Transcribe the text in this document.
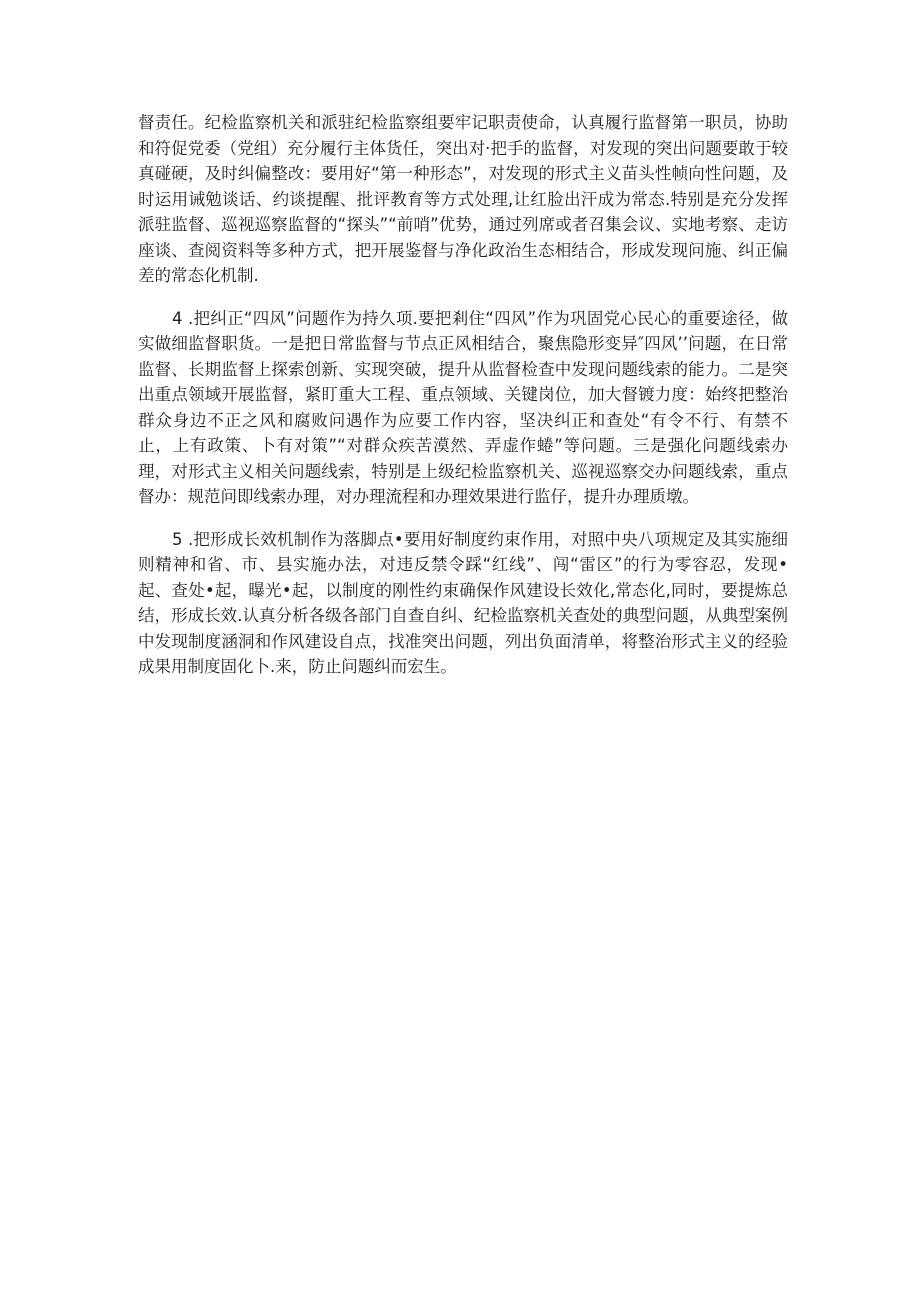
督责任。纪检监察机关和派驻纪检监察组要牢记职责使命，认真履行监督第一职员，协助和符促党委（党组）充分履行主体货任，突出对·把手的监督，对发现的突出问题要敢于较真碰硬，及时纠偏整改：要用好“第一种形态”，对发现的形式主义苗头性帧向性问题，及时运用诫勉谈话、约谈提醒、批评教育等方式处理,让红脸出汗成为常态.特别是充分发挥派驻监督、巡视巡察监督的“探头”“前哨”优势，通过列席或者召集会议、实地考察、走访座谈、查阅资料等多种方式，把开展鉴督与净化政治生态相结合，形成发现问施、纠正偏差的常态化机制.

4 .把纠正“四风”问题作为持久项.要把剎住“四风”作为巩固党心民心的重要途径，做实做细监督职货。一是把日常监督与节点正风相结合，聚焦隐形变异″四风’’问题，在日常监督、长期监督上探索创新、实现突破，提升从监督检查中发现问题线索的能力。二是突出重点领域开展监督，紧盯重大工程、重点领域、关键岗位，加大督镀力度：始终把整治群众身边不正之风和腐败问遇作为应要工作内容，坚决纠正和查处“有令不行、有禁不止，上有政策、卜有对策”“对群众疾苦漠然、弄虚作蜷”等问题。三是强化问题线索办理，对形式主义相关问题线索，特别是上级纪检监察机关、巡视巡察交办问题线索，重点督办：规范问即线索办理，对办理流程和办理效果进行监仔，提升办理质墩。

5 .把形成长效机制作为落脚点•要用好制度约束作用，对照中央八项规定及其实施细则精神和省、市、县实施办法，对违反禁令踩“红线”、闯“雷区”的行为零容忍，发现•起、查处•起，曝光•起，以制度的刚性约束确保作风建设长效化,常态化,同时，要提炼总结，形成长效.认真分析各级各部门自查自纠、纪检监察机关查处的典型问题，从典型案例中发现制度涵洞和作风建设自点，找准突出问题，列出负面清单，将整治形式主义的经验成果用制度固化卜.来，防止问题纠而宏生。
